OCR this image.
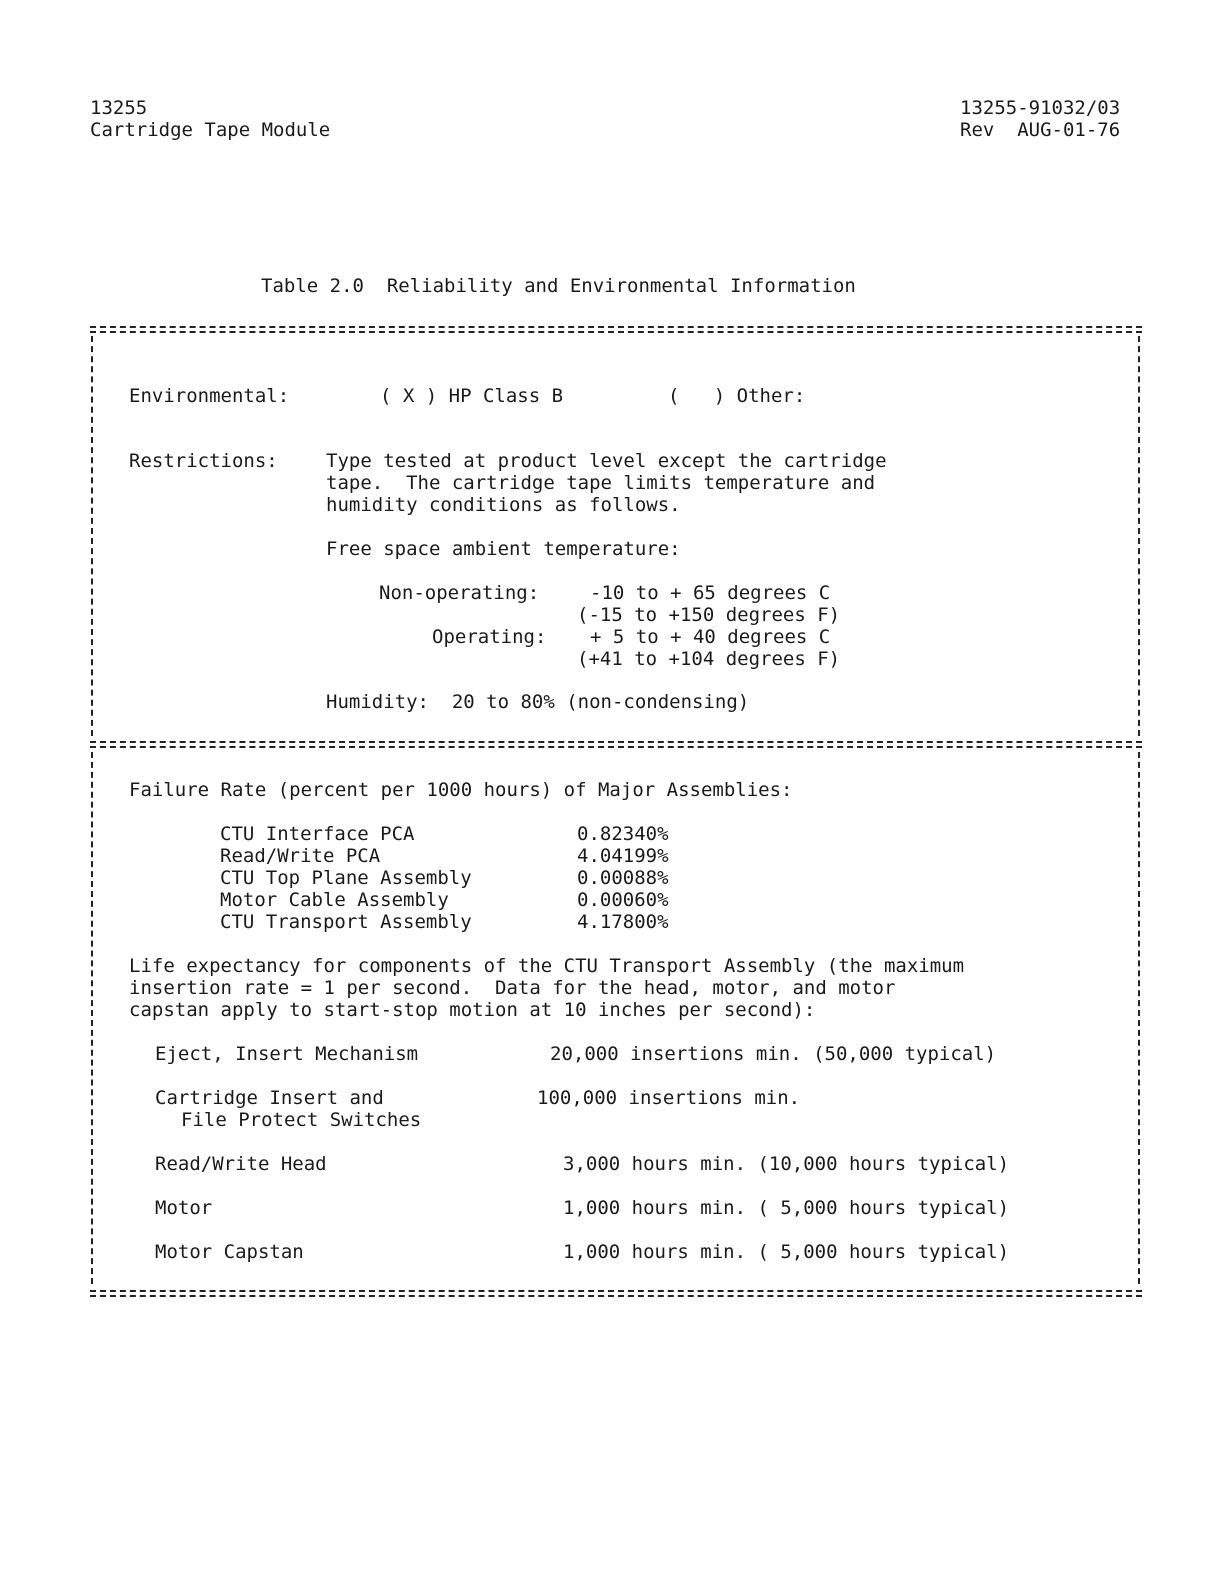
13255
Cartridge Tape Module
13255-91032/03
Rev  AUG-01-76
Table 2.0  Reliability and Environmental Information
Environmental:	( X ) HP Class B	(   ) Other:
Restrictions:	Type tested at product level except the cartridge
tape.  The cartridge tape limits temperature and
humidity conditions as follows.
Free space ambient temperature:
Non-operating:	-10 to + 65 degrees C
(-15 to +150 degrees F)
Operating: + 5 to + 40 degrees C
(+41 to +104 degrees F)
Humidity:  20 to 80% (non-condensing)
Failure Rate (percent per 1000 hours) of Major Assemblies:
CTU Interface PCA	0.82340%
Read/Write PCA	4.04199%
CTU Top Plane Assembly	0.00088%
Motor Cable Assembly	0.00060%
CTU Transport Assembly	4.17800%
Life expectancy for components of the CTU Transport Assembly (the maximum
insertion rate = 1 per second.  Data for the head, motor, and motor
capstan apply to start-stop motion at 10 inches per second):
Eject, Insert Mechanism	20,000 insertions min. (50,000 typical)
Cartridge Insert and
File Protect Switches
100,000 insertions min.
Read/Write Head	3,000 hours min. (10,000 hours typical)
Motor	1,000 hours min. ( 5,000 hours typical)
Motor Capstan	1,000 hours min. ( 5,000 hours typical)
